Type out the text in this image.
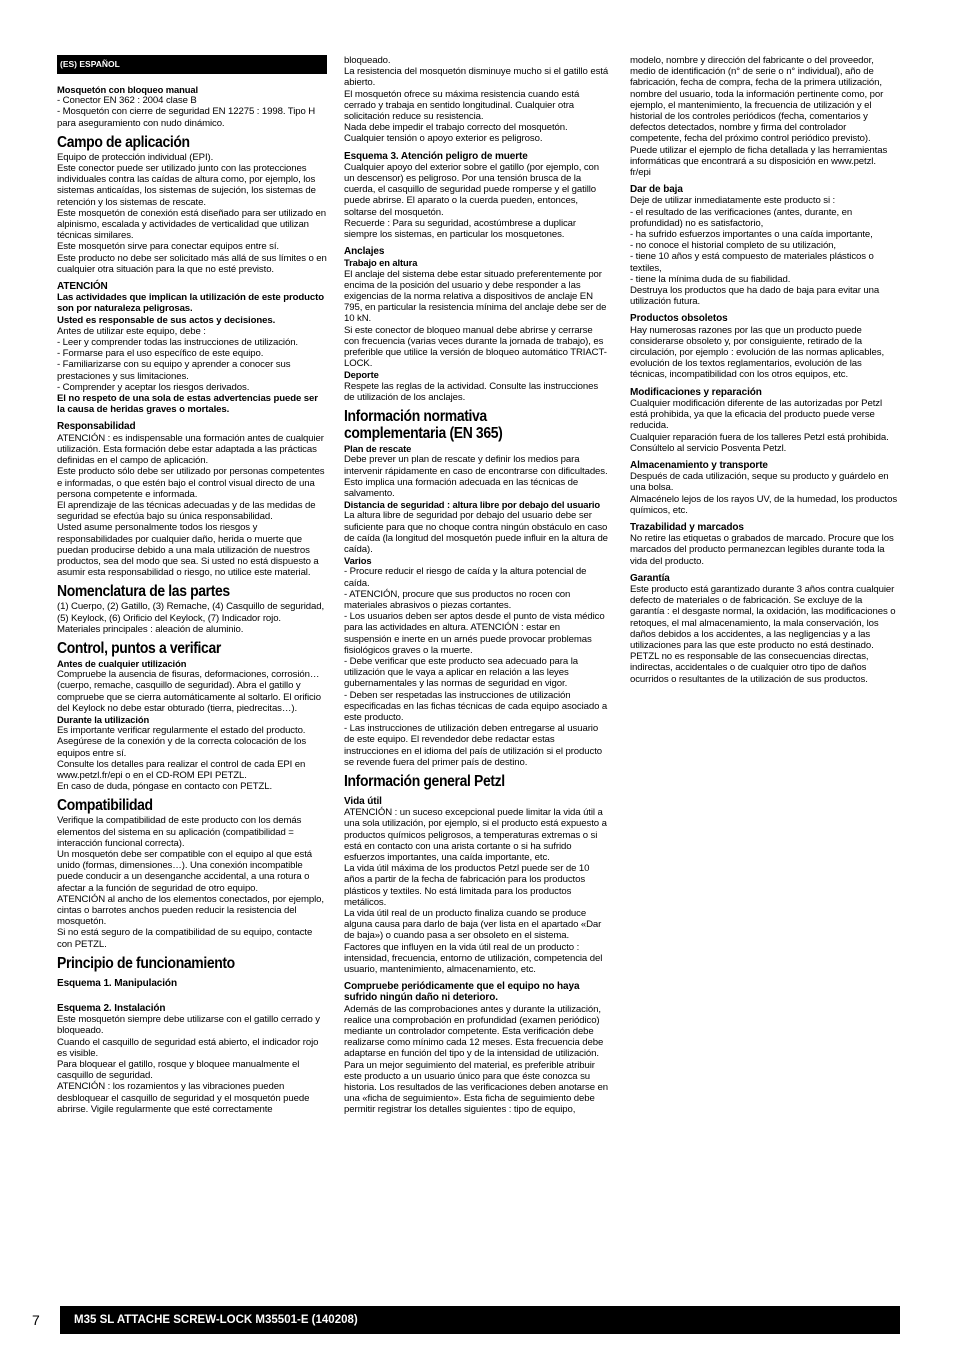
(ES) ESPAÑOL
Mosquetón con bloqueo manual
- Conector EN 362 : 2004 clase B
- Mosquetón con cierre de seguridad EN 12275 : 1998. Tipo H para aseguramiento con nudo dinámico.
Campo de aplicación
Equipo de protección individual (EPI).
Este conector puede ser utilizado junto con las protecciones individuales contra las caídas de altura como, por ejemplo, los sistemas anticaídas, los sistemas de sujeción, los sistemas de retención y los sistemas de rescate.
Este mosquetón de conexión está diseñado para ser utilizado en alpinismo, escalada y actividades de verticalidad que utilizan técnicas similares.
Este mosquetón sirve para conectar equipos entre sí.
Este producto no debe ser solicitado más allá de sus límites o en cualquier otra situación para la que no esté previsto.
ATENCIÓN
Las actividades que implican la utilización de este producto son por naturaleza peligrosas.
Usted es responsable de sus actos y decisiones.
Antes de utilizar este equipo, debe :
- Leer y comprender todas las instrucciones de utilización.
- Formarse para el uso específico de este equipo.
- Familiarizarse con su equipo y aprender a conocer sus prestaciones y sus limitaciones.
- Comprender y aceptar los riesgos derivados.
El no respeto de una sola de estas advertencias puede ser la causa de heridas graves o mortales.
Responsabilidad
ATENCIÓN : es indispensable una formación antes de cualquier utilización. Esta formación debe estar adaptada a las prácticas definidas en el campo de aplicación.
Este producto sólo debe ser utilizado por personas competentes e informadas, o que estén bajo el control visual directo de una persona competente e informada.
El aprendizaje de las técnicas adecuadas y de las medidas de seguridad se efectúa bajo su única responsabilidad.
Usted asume personalmente todos los riesgos y responsabilidades por cualquier daño, herida o muerte que puedan producirse debido a una mala utilización de nuestros productos, sea del modo que sea. Si usted no está dispuesto a asumir esta responsabilidad o riesgo, no utilice este material.
Nomenclatura de las partes
(1) Cuerpo, (2) Gatillo, (3) Remache, (4) Casquillo de seguridad, (5) Keylock, (6) Orificio del Keylock, (7) Indicador rojo.
Materiales principales : aleación de aluminio.
Control, puntos a verificar
Antes de cualquier utilización
Compruebe la ausencia de fisuras, deformaciones, corrosión… (cuerpo, remache, casquillo de seguridad). Abra el gatillo y compruebe que se cierra automáticamente al soltarlo. El orificio del Keylock no debe estar obturado (tierra, piedrecitas…).
Durante la utilización
Es importante verificar regularmente el estado del producto. Asegúrese de la conexión y de la correcta colocación de los equipos entre sí.
Consulte los detalles para realizar el control de cada EPI en www.petzl.fr/epi o en el CD-ROM EPI PETZL.
En caso de duda, póngase en contacto con PETZL.
Compatibilidad
Verifique la compatibilidad de este producto con los demás elementos del sistema en su aplicación (compatibilidad = interacción funcional correcta).
Un mosquetón debe ser compatible con el equipo al que está unido (formas, dimensiones…). Una conexión incompatible puede conducir a un desenganche accidental, a una rotura o afectar a la función de seguridad de otro equipo.
ATENCIÓN al ancho de los elementos conectados, por ejemplo, cintas o barrotes anchos pueden reducir la resistencia del mosquetón.
Si no está seguro de la compatibilidad de su equipo, contacte con PETZL.
Principio de funcionamiento
Esquema 1. Manipulación
Esquema 2. Instalación
Este mosquetón siempre debe utilizarse con el gatillo cerrado y bloqueado.
Cuando el casquillo de seguridad está abierto, el indicador rojo es visible.
Para bloquear el gatillo, rosque y bloquee manualmente el casquillo de seguridad.
ATENCIÓN : los rozamientos y las vibraciones pueden desbloquear el casquillo de seguridad y el mosquetón puede abrirse. Vigile regularmente que esté correctamente
bloqueado.
La resistencia del mosquetón disminuye mucho si el gatillo está abierto.
El mosquetón ofrece su máxima resistencia cuando está cerrado y trabaja en sentido longitudinal. Cualquier otra solicitación reduce su resistencia.
Nada debe impedir el trabajo correcto del mosquetón. Cualquier tensión o apoyo exterior es peligroso.
Esquema 3. Atención peligro de muerte
Cualquier apoyo del exterior sobre el gatillo (por ejemplo, con un descensor) es peligroso. Por una tensión brusca de la cuerda, el casquillo de seguridad puede romperse y el gatillo puede abrirse. El aparato o la cuerda pueden, entonces, soltarse del mosquetón.
Recuerde : Para su seguridad, acostúmbrese a duplicar siempre los sistemas, en particular los mosquetones.
Anclajes
Trabajo en altura
El anclaje del sistema debe estar situado preferentemente por encima de la posición del usuario y debe responder a las exigencias de la norma relativa a dispositivos de anclaje EN 795, en particular la resistencia mínima del anclaje debe ser de 10 kN.
Si este conector de bloqueo manual debe abrirse y cerrarse con frecuencia (varias veces durante la jornada de trabajo), es preferible que utilice la versión de bloqueo automático TRIACT-LOCK.
Deporte
Respete las reglas de la actividad. Consulte las instrucciones de utilización de los anclajes.
Información normativa complementaria (EN 365)
Plan de rescate
Debe prever un plan de rescate y definir los medios para intervenir rápidamente en caso de encontrarse con dificultades. Esto implica una formación adecuada en las técnicas de salvamento.
Distancia de seguridad : altura libre por debajo del usuario
La altura libre de seguridad por debajo del usuario debe ser suficiente para que no choque contra ningún obstáculo en caso de caída (la longitud del mosquetón puede influir en la altura de caída).
Varios
- Procure reducir el riesgo de caída y la altura potencial de caída.
- ATENCIÓN, procure que sus productos no rocen con materiales abrasivos o piezas cortantes.
- Los usuarios deben ser aptos desde el punto de vista médico para las actividades en altura. ATENCIÓN : estar en suspensión e inerte en un arnés puede provocar problemas fisiológicos graves o la muerte.
- Debe verificar que este producto sea adecuado para la utilización que le vaya a aplicar en relación a las leyes gubernamentales y las normas de seguridad en vigor.
- Deben ser respetadas las instrucciones de utilización especificadas en las fichas técnicas de cada equipo asociado a este producto.
- Las instrucciones de utilización deben entregarse al usuario de este equipo. El revendedor debe redactar estas instrucciones en el idioma del país de utilización si el producto se revende fuera del primer país de destino.
Información general Petzl
Vida útil
ATENCIÓN : un suceso excepcional puede limitar la vida útil a una sola utilización, por ejemplo, si el producto está expuesto a productos químicos peligrosos, a temperaturas extremas o si está en contacto con una arista cortante o si ha sufrido esfuerzos importantes, una caída importante, etc.
La vida útil máxima de los productos Petzl puede ser de 10 años a partir de la fecha de fabricación para los productos plásticos y textiles. No está limitada para los productos metálicos.
La vida útil real de un producto finaliza cuando se produce alguna causa para darlo de baja (ver lista en el apartado «Dar de baja») o cuando pasa a ser obsoleto en el sistema.
Factores que influyen en la vida útil real de un producto : intensidad, frecuencia, entorno de utilización, competencia del usuario, mantenimiento, almacenamiento, etc.
Compruebe periódicamente que el equipo no haya sufrido ningún daño ni deterioro.
Además de las comprobaciones antes y durante la utilización, realice una comprobación en profundidad (examen periódico) mediante un controlador competente. Esta verificación debe realizarse como mínimo cada 12 meses. Esta frecuencia debe adaptarse en función del tipo y de la intensidad de utilización. Para un mejor seguimiento del material, es preferible atribuir este producto a un usuario único para que éste conozca su historia. Los resultados de las verificaciones deben anotarse en una «ficha de seguimiento». Esta ficha de seguimiento debe permitir registrar los detalles siguientes : tipo de equipo,
modelo, nombre y dirección del fabricante o del proveedor, medio de identificación (n° de serie o n° individual), año de fabricación, fecha de compra, fecha de la primera utilización, nombre del usuario, toda la información pertinente como, por ejemplo, el mantenimiento, la frecuencia de utilización y el historial de los controles periódicos (fecha, comentarios y defectos detectados, nombre y firma del controlador competente, fecha del próximo control periódico previsto). Puede utilizar el ejemplo de ficha detallada y las herramientas informáticas que encontrará a su disposición en www.petzl. fr/epi
Dar de baja
Deje de utilizar inmediatamente este producto si :
- el resultado de las verificaciones (antes, durante, en profundidad) no es satisfactorio,
- ha sufrido esfuerzos importantes o una caída importante,
- no conoce el historial completo de su utilización,
- tiene 10 años y está compuesto de materiales plásticos o textiles,
- tiene la mínima duda de su fiabilidad.
Destruya los productos que ha dado de baja para evitar una utilización futura.
Productos obsoletos
Hay numerosas razones por las que un producto puede considerarse obsoleto y, por consiguiente, retirado de la circulación, por ejemplo : evolución de las normas aplicables, evolución de los textos reglamentarios, evolución de las técnicas, incompatibilidad con los otros equipos, etc.
Modificaciones y reparación
Cualquier modificación diferente de las autorizadas por Petzl está prohibida, ya que la eficacia del producto puede verse reducida.
Cualquier reparación fuera de los talleres Petzl está prohibida. Consúltelo al servicio Posventa Petzl.
Almacenamiento y transporte
Después de cada utilización, seque su producto y guárdelo en una bolsa.
Almacénelo lejos de los rayos UV, de la humedad, los productos químicos, etc.
Trazabilidad y marcados
No retire las etiquetas o grabados de marcado. Procure que los marcados del producto permanezcan legibles durante toda la vida del producto.
Garantía
Este producto está garantizado durante 3 años contra cualquier defecto de materiales o de fabricación. Se excluye de la garantía : el desgaste normal, la oxidación, las modificaciones o retoques, el mal almacenamiento, la mala conservación, los daños debidos a los accidentes, a las negligencias y a las utilizaciones para las que este producto no está destinado.
PETZL no es responsable de las consecuencias directas, indirectas, accidentales o de cualquier otro tipo de daños ocurridos o resultantes de la utilización de sus productos.
7	M35 SL ATTACHE SCREW-LOCK M35501-E (140208)
